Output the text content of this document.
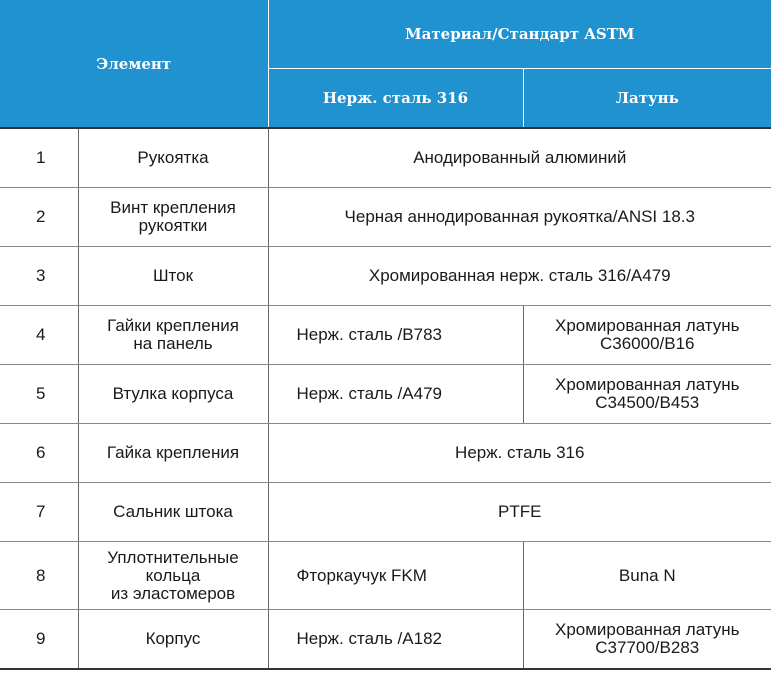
Элемент		Материал/Стандарт ASTM	
		Нерж. сталь 316	Латунь
1	Рукоятка	Анодированный алюминий	
2	Винт крепления
рукоятки	Черная аннодированная рукоятка/ANSI 18.3	
3	Шток	Хромированная нерж. сталь 316/A479	
4	Гайки крепления
на панель	Нерж. сталь /B783	Хромированная латунь
C36000/B16
5	Втулка корпуса	Нерж. сталь /A479	Хромированная латунь
C34500/B453
6	Гайка крепления	Нерж. сталь 316	
7	Сальник штока	PTFE	
8	Уплотнительные
кольца
из эластомеров	Фторкаучук FKM	Buna N
9	Корпус	Нерж. сталь /A182	Хромированная латунь
C37700/B283
